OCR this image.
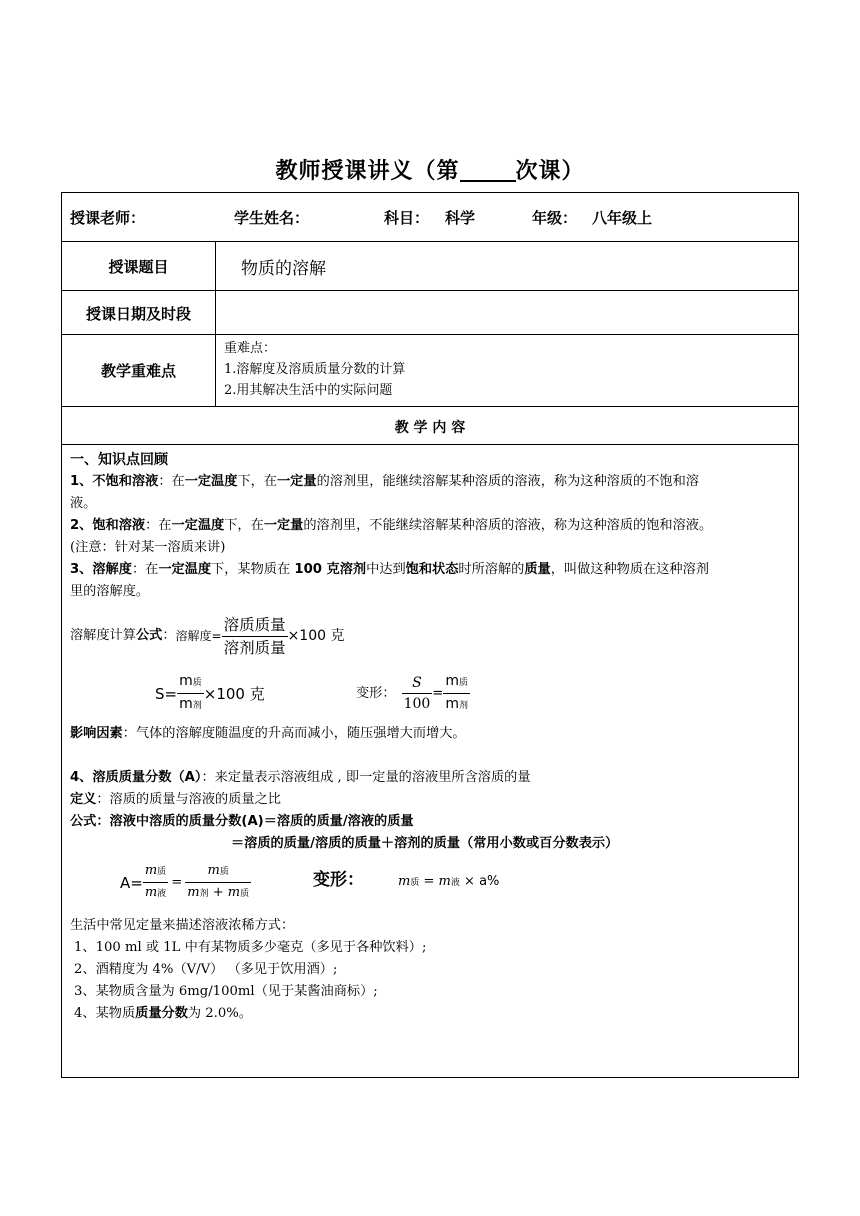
教师授课讲义（第	次课）
授课老师：	学生姓名：	科目： 科学	年级： 八年级上
授课题目	物质的溶解
授课日期及时段
教学重难点
重难点：
1.溶解度及溶质质量分数的计算
2.用其解决生活中的实际问题
教 学 内 容

一、知识点回顾

1、不饱和溶液：在一定温度下，在一定量的溶剂里，能继续溶解某种溶质的溶液，称为这种溶质的不饱和溶

液。

2、饱和溶液：在一定温度下，在一定量的溶剂里，不能继续溶解某种溶质的溶液，称为这种溶质的饱和溶液。

(注意：针对某一溶质来讲)

3、溶解度：在一定温度下，某物质在 100 克溶剂中达到饱和状态时所溶解的质量，叫做这种物质在这种溶剂

里的溶解度。

溶解度计算 公式 ： 溶解度= $\frac{\text{溶质质量}}{\text{溶剂质量}} \times 100$ 克
$S= \frac{\text{m质}}{\text{m剂}} \times 100$ 克	变形： $\frac{S}{100} = \frac{\text{m质}}{\text{m剂}}$

影响因素：气体的溶解度随温度的升高而减小，随压强增大而增大。

4、溶质质量分数（A）：来定量表示溶液组成 , 即一定量的溶液里所含溶质的量

定义：溶质的质量与溶液的质量之比

公式：溶液中溶质的质量分数(A)＝溶质的质量/溶液的质量

＝溶质的质量/溶质的质量＋溶剂的质量（常用小数或百分数表示）

$A= \frac{\text{m质}}{\text{m液}} = \frac{\text{m质}}{\text{m剂 + m质}}$	变形：	m质 = m液 × a%

生活中常见定量来描述溶液浓稀方式：

1、100 ml 或 1L 中有某物质多少毫克（多见于各种饮料）;

2、酒精度为 4%（V/V） （多见于饮用酒）;

3、某物质含量为 6mg/100ml（见于某酱油商标）;

4、某物质质量分数为 2.0%。
